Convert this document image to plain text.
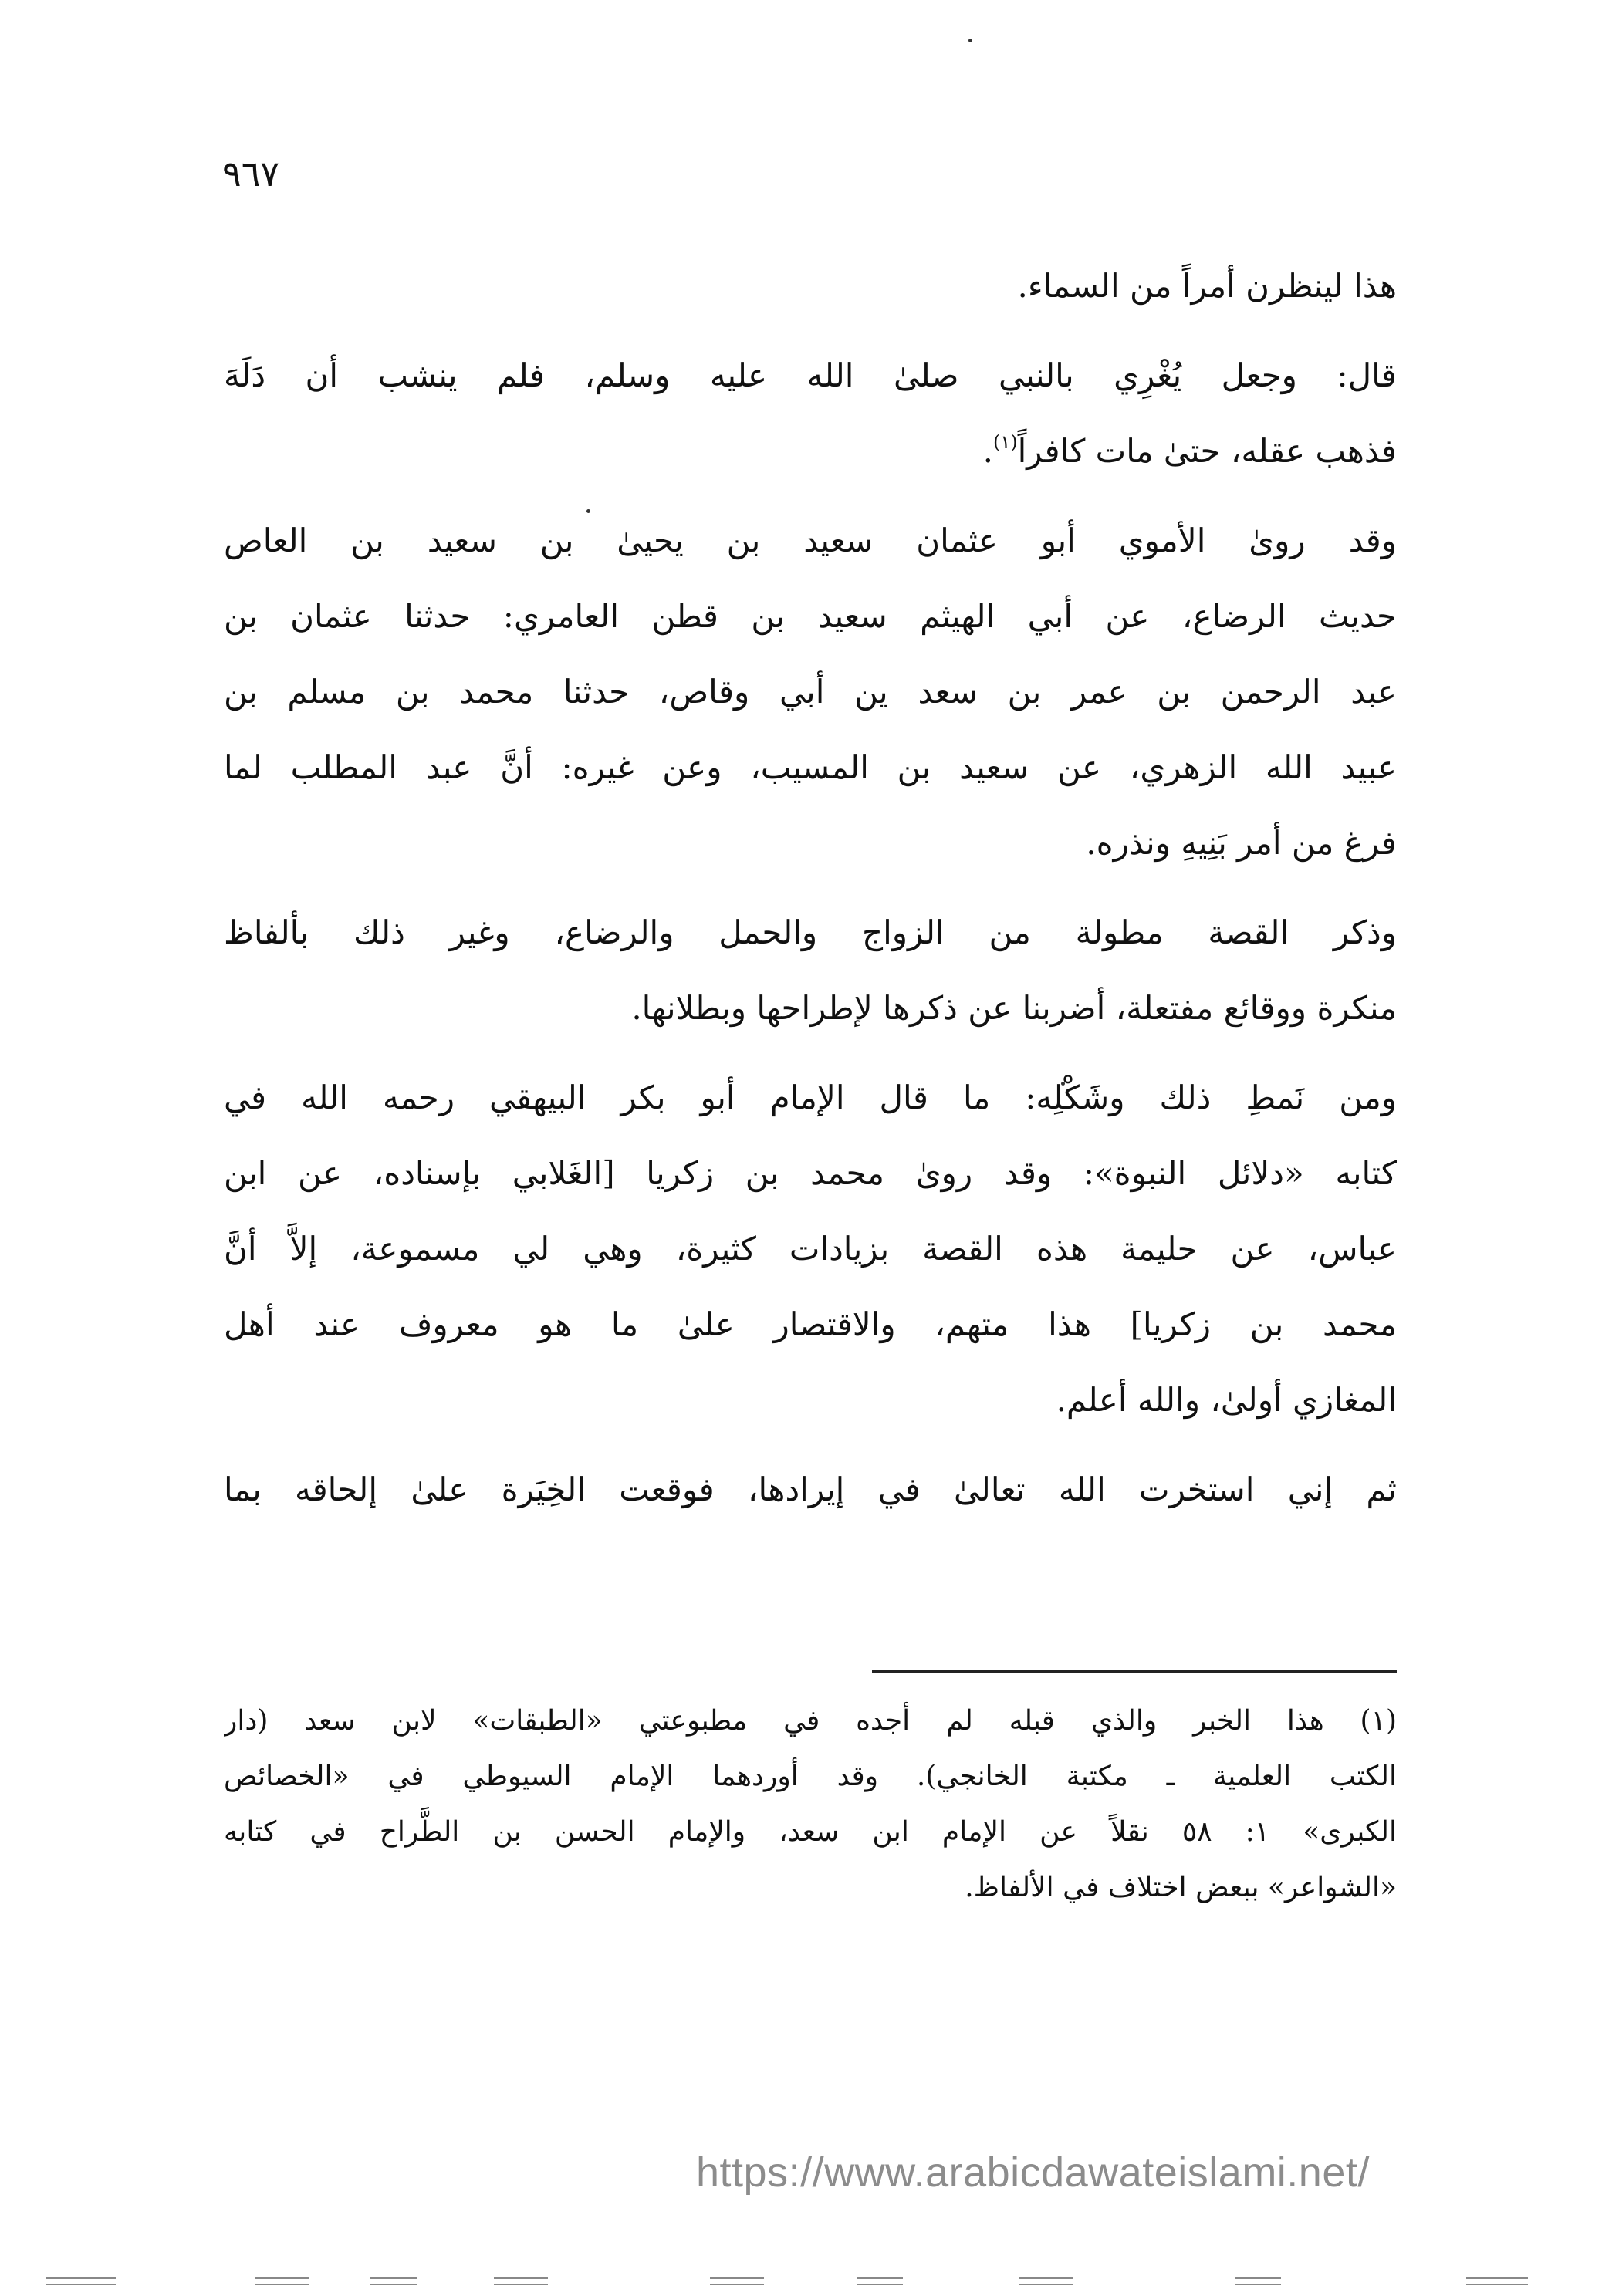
٩٦٧
هذا لينظرن أمراً من السماء.
قال: وجعل يُغْرِي بالنبي صلىٰ الله عليه وسلم، فلم ينشب أن دَلَهَ
فذهب عقله، حتىٰ مات كافراً$^{(١)}$.
وقد روىٰ الأموي أبو عثمان سعيد بن يحيىٰ بن سعيد بن العاص
حديث الرضاع، عن أبي الهيثم سعيد بن قطن العامري: حدثنا عثمان بن
عبد الرحمن بن عمر بن سعد ين أبي وقاص، حدثنا محمد بن مسلم بن
عبيد الله الزهري، عن سعيد بن المسيب، وعن غيره: أنَّ عبد المطلب لما
فرغ من أمر بَنِيهِ ونذره.
وذكر القصة مطولة من الزواج والحمل والرضاع، وغير ذلك بألفاظ
منكرة ووقائع مفتعلة، أضربنا عن ذكرها لإطراحها وبطلانها.
ومن نَمطِ ذلك وشَكْلِه: ما قال الإمام أبو بكر البيهقي رحمه الله في
كتابه «دلائل النبوة»: وقد روىٰ محمد بن زكريا [الغَلابي بإسناده، عن ابن
عباس، عن حليمة هذه القصة بزيادات كثيرة، وهي لي مسموعة، إلاَّ أنَّ
محمد بن زكريا] هذا متهم، والاقتصار علىٰ ما هو معروف عند أهل
المغازي أولىٰ، والله أعلم.
ثم إني استخرت الله تعالىٰ في إيرادها، فوقعت الخِيَرة علىٰ إلحاقه بما
(١) هذا الخبر والذي قبله لم أجده في مطبوعتي «الطبقات» لابن سعد (دار
الكتب العلمية ـ مكتبة الخانجي). وقد أوردهما الإمام السيوطي في «الخصائص
الكبرى» ١: ٥٨ نقلاً عن الإمام ابن سعد، والإمام الحسن بن الطَّراح في كتابه
«الشواعر» ببعض اختلاف في الألفاظ.
https://www.arabicdawateislami.net/
